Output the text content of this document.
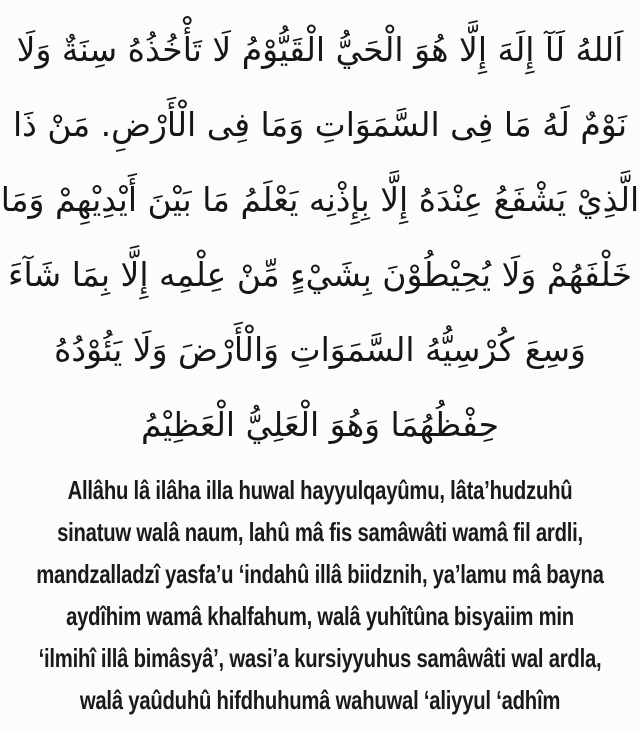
اَللهُ لَآ إِلَهَ إِلَّا هُوَ الْحَيُّ الْقَيُّوْمُ لَا تَأْخُذُهُ سِنَةٌ وَلَا
نَوْمٌ لَهُ مَا فِى السَّمَوَاتِ وَمَا فِى الْأَرْضِ. مَنْ ذَا
الَّذِيْ يَشْفَعُ عِنْدَهُ إِلَّا بِإِذْنِه يَعْلَمُ مَا بَيْنَ أَيْدِيْهِمْ وَمَا
خَلْفَهُمْ وَلَا يُحِيْطُوْنَ بِشَيْءٍ مِّنْ عِلْمِه إِلَّا بِمَا شَآءَ
وَسِعَ كُرْسِيُّهُ السَّمَوَاتِ وَالْأَرْضَ وَلَا يَئُوْدُهُ
حِفْظُهُمَا وَهُوَ الْعَلِيُّ الْعَظِيْمُ
Allâhu lâ ilâha illa huwal hayyulqayûmu, lâta’hudzuhû
sinatuw walâ naum, lahû mâ fis samâwâti wamâ fil ardli,
mandzalladzî yasfa’u ‘indahû illâ biidznih, ya’lamu mâ bayna
aydîhim wamâ khalfahum, walâ yuhîtûna bisyaiim min
‘ilmihî illâ bimâsyâ’, wasi’a kursiyyuhus samâwâti wal ardla,
walâ yaûduhû hifdhuhumâ wahuwal ‘aliyyul ‘adhîm
